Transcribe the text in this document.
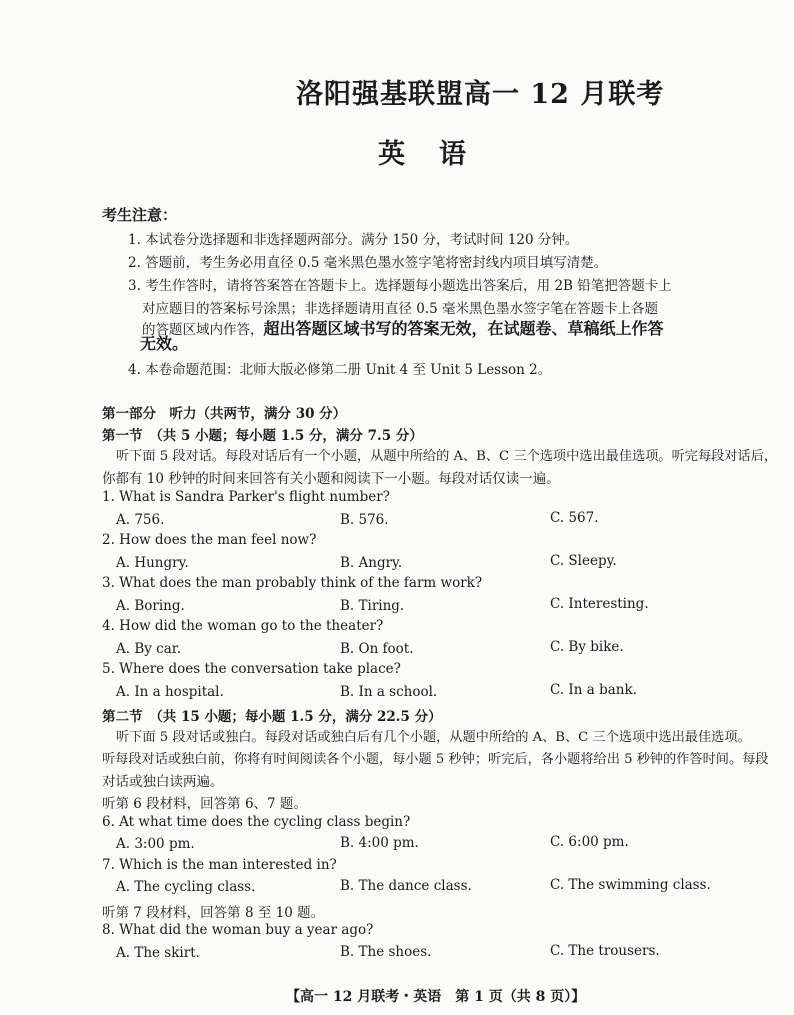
洛阳强基联盟高一 12 月联考
英语
考生注意：
1. 本试卷分选择题和非选择题两部分。满分 150 分，考试时间 120 分钟。
2. 答题前，考生务必用直径 0.5 毫米黑色墨水签字笔将密封线内项目填写清楚。
3. 考生作答时，请将答案答在答题卡上。选择题每小题选出答案后，用 2B 铅笔把答题卡上
对应题目的答案标号涂黑；非选择题请用直径 0.5 毫米黑色墨水签字笔在答题卡上各题
的答题区域内作答，超出答题区域书写的答案无效，在试题卷、草稿纸上作答
无效。
4. 本卷命题范围：北师大版必修第二册 Unit 4 至 Unit 5 Lesson 2。
第一部分　听力（共两节，满分 30 分）
第一节　（共 5 小题；每小题 1.5 分，满分 7.5 分）
听下面 5 段对话。每段对话后有一个小题，从题中所给的 A、B、C 三个选项中选出最佳选项。听完每段对话后，
你都有 10 秒钟的时间来回答有关小题和阅读下一小题。每段对话仅读一遍。
1. What is Sandra Parker's flight number?
A. 756.	B. 576.	C. 567.
2. How does the man feel now?
A. Hungry.	B. Angry.	C. Sleepy.
3. What does the man probably think of the farm work?
A. Boring.	B. Tiring.	C. Interesting.
4. How did the woman go to the theater?
A. By car.	B. On foot.	C. By bike.
5. Where does the conversation take place?
A. In a hospital.	B. In a school.	C. In a bank.
第二节　（共 15 小题；每小题 1.5 分，满分 22.5 分）
听下面 5 段对话或独白。每段对话或独白后有几个小题，从题中所给的 A、B、C 三个选项中选出最佳选项。
听每段对话或独白前，你将有时间阅读各个小题，每小题 5 秒钟；听完后，各小题将给出 5 秒钟的作答时间。每段
对话或独白读两遍。
听第 6 段材料，回答第 6、7 题。
6. At what time does the cycling class begin?
A. 3:00 pm.	B. 4:00 pm.	C. 6:00 pm.
7. Which is the man interested in?
A. The cycling class.	B. The dance class.	C. The swimming class.
听第 7 段材料，回答第 8 至 10 题。
8. What did the woman buy a year ago?
A. The skirt.	B. The shoes.	C. The trousers.
【高一 12 月联考・英语　第 1 页（共 8 页）】
